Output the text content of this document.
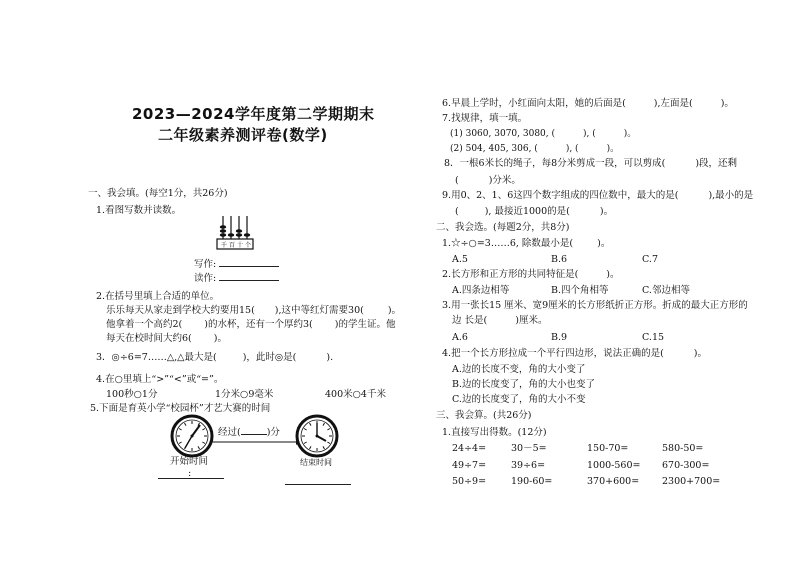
2023—2024学年度第二学期期末
二年级素养测评卷(数学)
一、我会填。(每空1分，共26分)
1.看图写数并读数。
千 百 十 个
写作:
读作:
2.在括号里填上合适的单位。
乐乐每天从家走到学校大约要用15( ),这中等红灯需要30(	)。
他拿着一个高约2( )的水杯，还有一个厚约3( )的学生证。他
每天在校时间大约6( )。
3．◎÷6=7……△,△最大是(	)，此时◎是(	).
4.在○里填上“>”“<”或“=”。
100秒○1分	1分米○9毫米	400米○4千米
5.下面是育英小学“校园杯”才艺大赛的时间
经过(	)分
开始时间	结束时间
:
6.早晨上学时，小红面向太阳，她的后面是(	),左面是(	)。
7.找规律，填一填。
(1) 3060, 3070, 3080, (	), (	)。
(2) 504, 405, 306, (	), (	)。
8．一根6米长的绳子，每8分米剪成一段，可以剪成(	)段，还剩
(	)分米。
9.用0、2、1、6这四个数字组成的四位数中，最大的是(	),最小的是
(	), 最接近1000的是(	)。
二、我会选。(每题2分，共8分)
1.☆÷○=3……6, 除数最小是(	)。
A.5	B.6	C.7
2.长方形和正方形的共同特征是(	)。
A.四条边相等	B.四个角相等	C.邻边相等
3.用一张长15 厘米、宽9厘米的长方形纸折正方形。折成的最大正方形的
边 长是(	)厘米。
A.6	B.9	C.15
4.把一个长方形拉成一个平行四边形，说法正确的是(	)。
A.边的长度不变，角的大小变了
B.边的长度变了，角的大小也变了
C.边的长度变了，角的大小不变
三、我会算。(共26分)
1.直接写出得数。(12分)
24÷4=	30－5=	150-70=	580-50=
49÷7=	39÷6=	1000-560= 670-300=
50÷9=	190-60=	370+600= 2300+700=
